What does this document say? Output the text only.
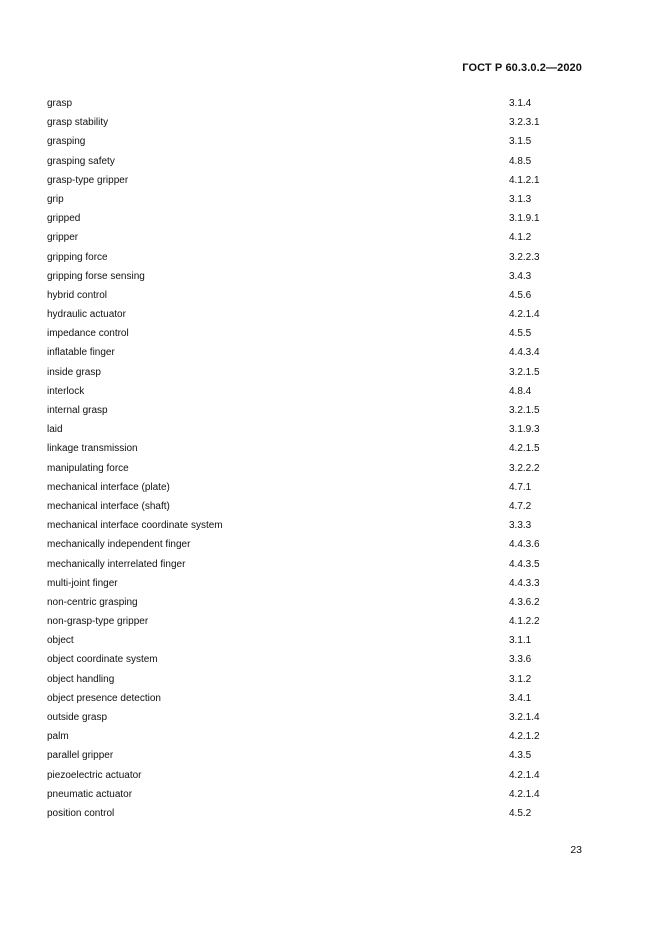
ГОСТ Р 60.3.0.2—2020
grasp	3.1.4
grasp stability	3.2.3.1
grasping	3.1.5
grasping safety	4.8.5
grasp-type gripper	4.1.2.1
grip	3.1.3
gripped	3.1.9.1
gripper	4.1.2
gripping force	3.2.2.3
gripping forse sensing	3.4.3
hybrid control	4.5.6
hydraulic actuator	4.2.1.4
impedance control	4.5.5
inflatable finger	4.4.3.4
inside grasp	3.2.1.5
interlock	4.8.4
internal grasp	3.2.1.5
laid	3.1.9.3
linkage transmission	4.2.1.5
manipulating force	3.2.2.2
mechanical interface (plate)	4.7.1
mechanical interface (shaft)	4.7.2
mechanical interface coordinate system	3.3.3
mechanically independent finger	4.4.3.6
mechanically interrelated finger	4.4.3.5
multi-joint finger	4.4.3.3
non-centric grasping	4.3.6.2
non-grasp-type gripper	4.1.2.2
object	3.1.1
object coordinate system	3.3.6
object handling	3.1.2
object presence detection	3.4.1
outside grasp	3.2.1.4
palm	4.2.1.2
parallel gripper	4.3.5
piezoelectric actuator	4.2.1.4
pneumatic actuator	4.2.1.4
position control	4.5.2
23
